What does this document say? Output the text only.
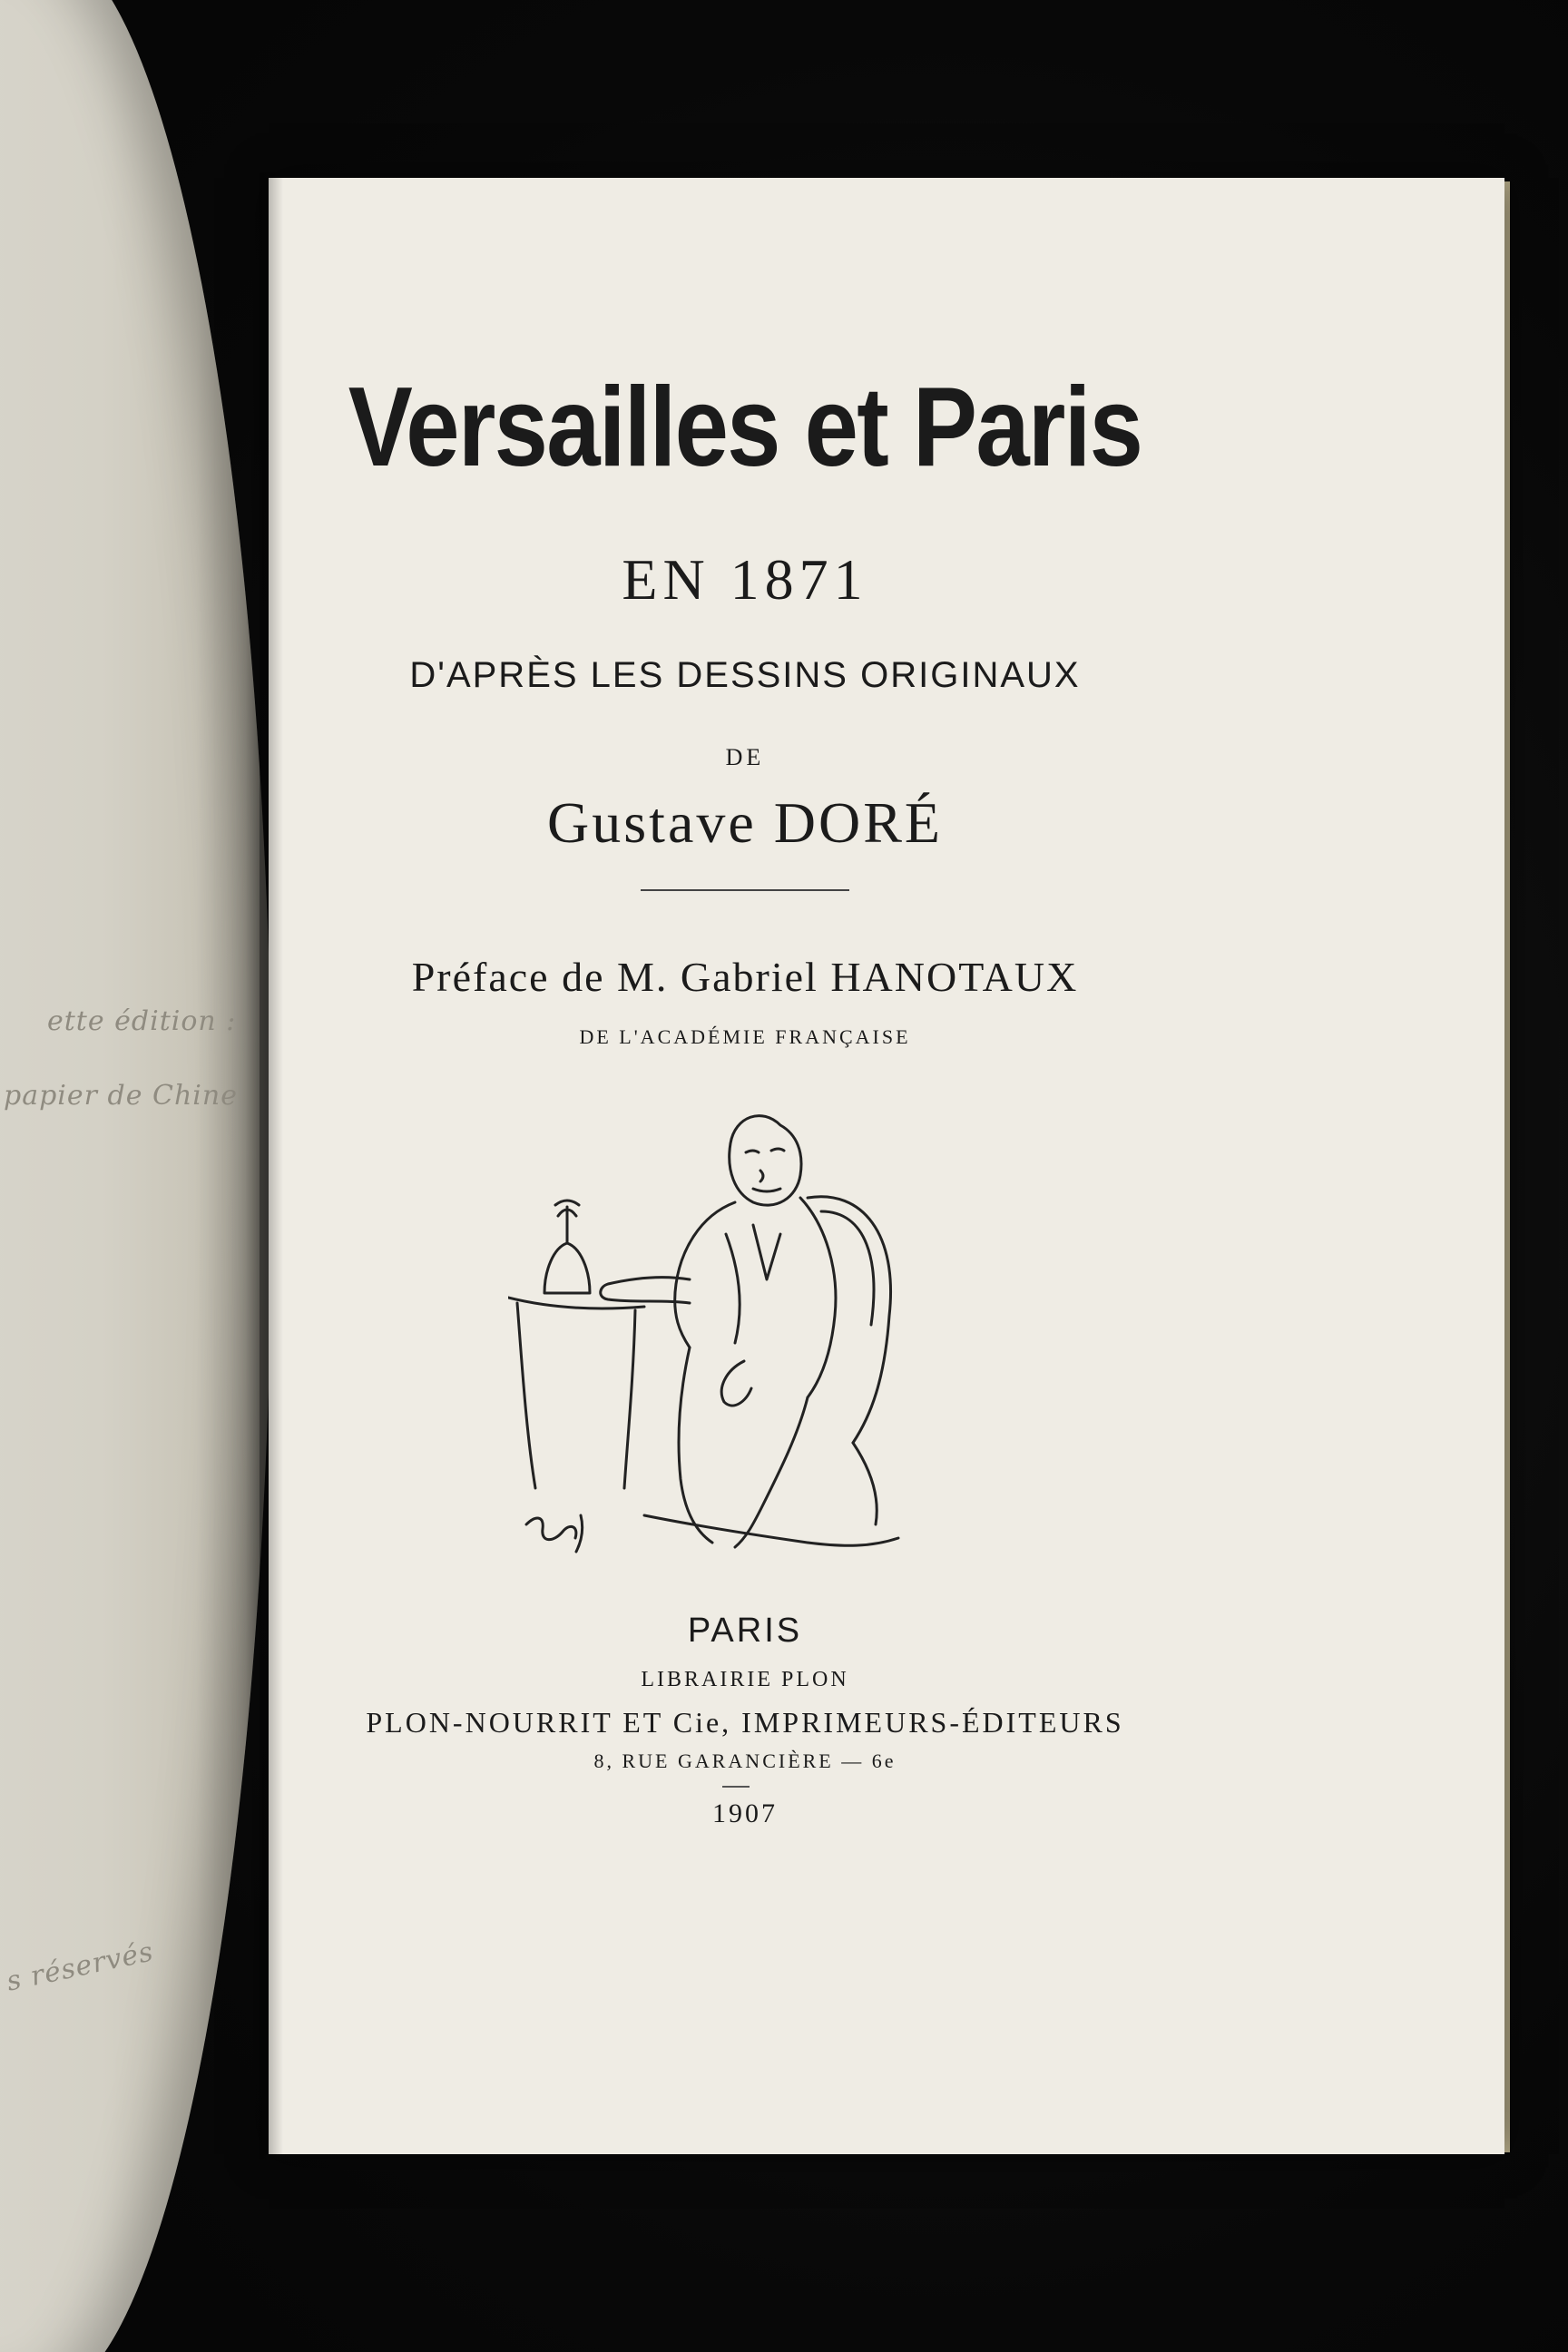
ette édition :
papier de Chine
s réservés
Versailles et Paris
EN 1871
D'APRÈS LES DESSINS ORIGINAUX
DE
Gustave DORÉ
Préface de M. Gabriel HANOTAUX
DE L'ACADÉMIE FRANÇAISE
PARIS
LIBRAIRIE PLON
PLON-NOURRIT ET Cie, IMPRIMEURS-ÉDITEURS
8, RUE GARANCIÈRE — 6e
1907
